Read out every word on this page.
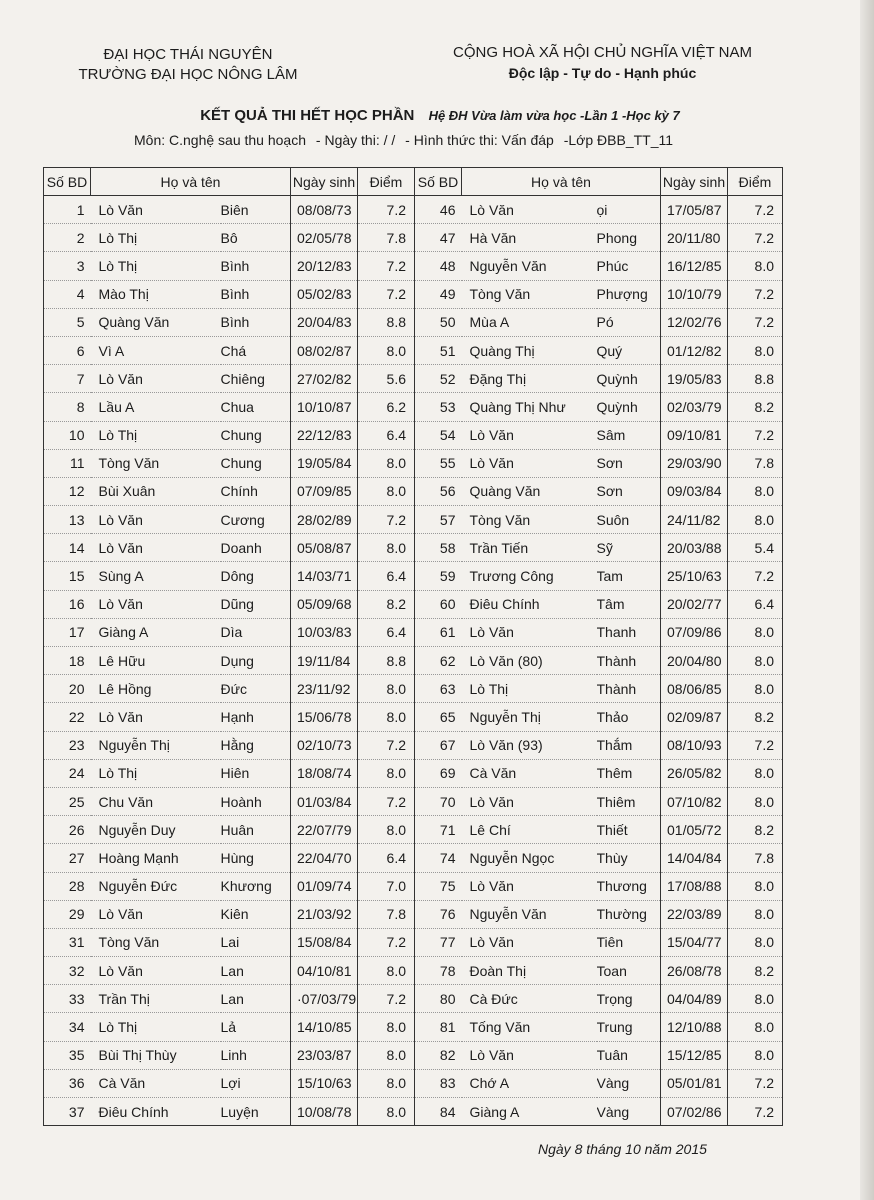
ĐẠI HỌC THÁI NGUYÊN
TRƯỜNG ĐẠI HỌC NÔNG LÂM
CỘNG HOÀ XÃ HỘI CHỦ NGHĨA VIỆT NAM
Độc lập - Tự do - Hạnh phúc
KẾT QUẢ THI HẾT HỌC PHẦN Hệ ĐH Vừa làm vừa học -Lần 1 -Học kỳ 7
Môn: C.nghệ sau thu hoạch - Ngày thi: / / - Hình thức thi: Vấn đáp -Lớp ĐBB_TT_11
Số BD	Họ và tên		Ngày sinh	Điểm	Số BD	Họ và tên		Ngày sinh	Điểm
1	Lò Văn	Biên	08/08/73	7.2	46	Lò Văn	ọi	17/05/87	7.2
2	Lò Thị	Bô	02/05/78	7.8	47	Hà Văn	Phong	20/11/80	7.2
3	Lò Thị	Bình	20/12/83	7.2	48	Nguyễn Văn	Phúc	16/12/85	8.0
4	Mào Thị	Bình	05/02/83	7.2	49	Tòng Văn	Phượng	10/10/79	7.2
5	Quàng Văn	Bình	20/04/83	8.8	50	Mùa A	Pó	12/02/76	7.2
6	Vì A	Chá	08/02/87	8.0	51	Quàng Thị	Quý	01/12/82	8.0
7	Lò Văn	Chiêng	27/02/82	5.6	52	Đặng Thị	Quỳnh	19/05/83	8.8
8	Lầu A	Chua	10/10/87	6.2	53	Quàng Thị Như	Quỳnh	02/03/79	8.2
10	Lò Thị	Chung	22/12/83	6.4	54	Lò Văn	Sâm	09/10/81	7.2
11	Tòng Văn	Chung	19/05/84	8.0	55	Lò Văn	Sơn	29/03/90	7.8
12	Bùi Xuân	Chính	07/09/85	8.0	56	Quàng Văn	Sơn	09/03/84	8.0
13	Lò Văn	Cương	28/02/89	7.2	57	Tòng Văn	Suôn	24/11/82	8.0
14	Lò Văn	Doanh	05/08/87	8.0	58	Trần Tiến	Sỹ	20/03/88	5.4
15	Sùng A	Dông	14/03/71	6.4	59	Trương Công	Tam	25/10/63	7.2
16	Lò Văn	Dũng	05/09/68	8.2	60	Điêu Chính	Tâm	20/02/77	6.4
17	Giàng A	Dìa	10/03/83	6.4	61	Lò Văn	Thanh	07/09/86	8.0
18	Lê Hữu	Dụng	19/11/84	8.8	62	Lò Văn (80)	Thành	20/04/80	8.0
20	Lê Hồng	Đức	23/11/92	8.0	63	Lò Thị	Thành	08/06/85	8.0
22	Lò Văn	Hạnh	15/06/78	8.0	65	Nguyễn Thị	Thảo	02/09/87	8.2
23	Nguyễn Thị	Hằng	02/10/73	7.2	67	Lò Văn (93)	Thắm	08/10/93	7.2
24	Lò Thị	Hiên	18/08/74	8.0	69	Cà Văn	Thêm	26/05/82	8.0
25	Chu Văn	Hoành	01/03/84	7.2	70	Lò Văn	Thiêm	07/10/82	8.0
26	Nguyễn Duy	Huân	22/07/79	8.0	71	Lê Chí	Thiết	01/05/72	8.2
27	Hoàng Mạnh	Hùng	22/04/70	6.4	74	Nguyễn Ngọc	Thùy	14/04/84	7.8
28	Nguyễn Đức	Khương	01/09/74	7.0	75	Lò Văn	Thương	17/08/88	8.0
29	Lò Văn	Kiên	21/03/92	7.8	76	Nguyễn Văn	Thường	22/03/89	8.0
31	Tòng Văn	Lai	15/08/84	7.2	77	Lò Văn	Tiên	15/04/77	8.0
32	Lò Văn	Lan	04/10/81	8.0	78	Đoàn Thị	Toan	26/08/78	8.2
33	Trần Thị	Lan	·07/03/79	7.2	80	Cà Đức	Trọng	04/04/89	8.0
34	Lò Thị	Lả	14/10/85	8.0	81	Tống Văn	Trung	12/10/88	8.0
35	Bùi Thị Thùy	Linh	23/03/87	8.0	82	Lò Văn	Tuân	15/12/85	8.0
36	Cà Văn	Lợi	15/10/63	8.0	83	Chớ A	Vàng	05/01/81	7.2
37	Điêu Chính	Luyện	10/08/78	8.0	84	Giàng A	Vàng	07/02/86	7.2
Ngày 8 tháng 10 năm 2015
